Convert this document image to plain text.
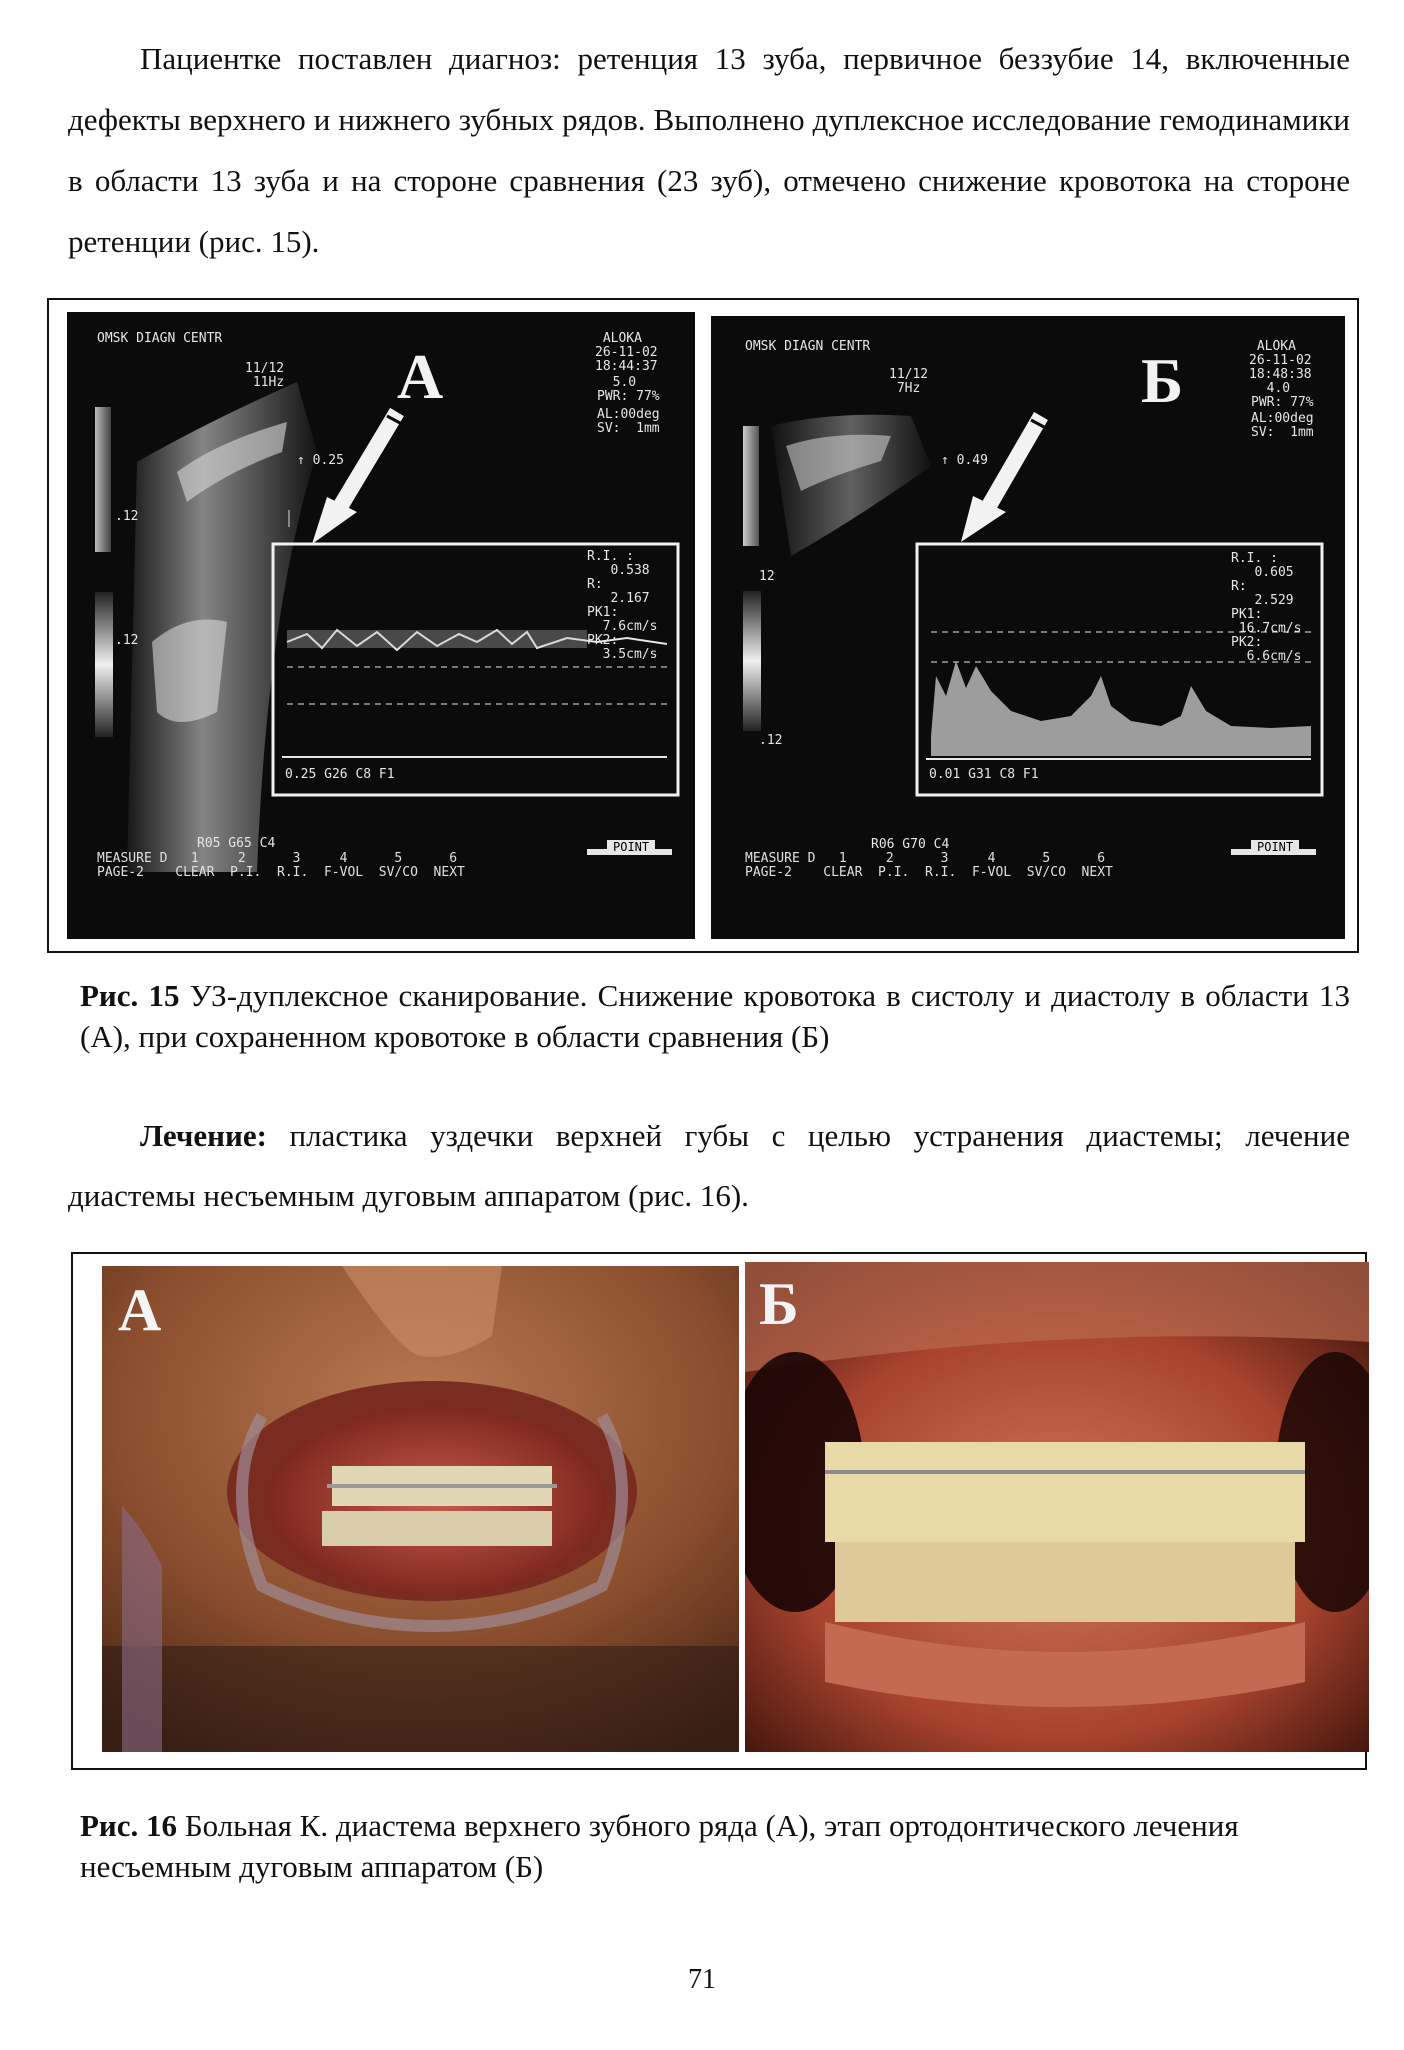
Пациентке поставлен диагноз: ретенция 13 зуба, первичное беззубие 14, включенные дефекты верхнего и нижнего зубных рядов. Выполнено дуплексное исследование гемодинамики в области 13 зуба и на стороне сравнения (23 зуб), отмечено снижение кровотока на стороне ретенции (рис. 15).

OMSK DIAGN CENTR
11/12
11Hz А
ALOKA
26-11-02
18:44:37
5.0
PWR: 77%
AL:00deg
SV:  1mm
↑ 0.25
.12
.12
R.I. :
0.538
R:
2.167
PK1:
7.6cm/s
PK2:
3.5cm/s
0.25 G26 C8 F1
R05 G65 C4	POINT
MEASURE D   1     2      3     4      5      6
PAGE-2    CLEAR  P.I.  R.I.  F-VOL  SV/CO  NEXT
OMSK DIAGN CENTR
11/12
7Hz	Б	ALOKA
26-11-02
18:48:38
4.0
PWR: 77%
AL:00deg
SV:  1mm
↑ 0.49
12
.12
R.I. :
0.605
R:
2.529
PK1:
16.7cm/s
PK2:
6.6cm/s
0.01 G31 C8 F1
R06 G70 C4	POINT
MEASURE D   1     2      3     4      5      6
PAGE-2    CLEAR  P.I.  R.I.  F-VOL  SV/CO  NEXT

Рис. 15 УЗ-дуплексное сканирование. Снижение кровотока в систолу и диастолу в области 13 (А), при сохраненном кровотоке в области сравнения (Б)

Лечение: пластика уздечки верхней губы с целью устранения диастемы; лечение диастемы несъемным дуговым аппаратом (рис. 16).

А	Б

Рис. 16 Больная К. диастема верхнего зубного ряда (А), этап ортодонтического лечения несъемным дуговым аппаратом (Б)

71
